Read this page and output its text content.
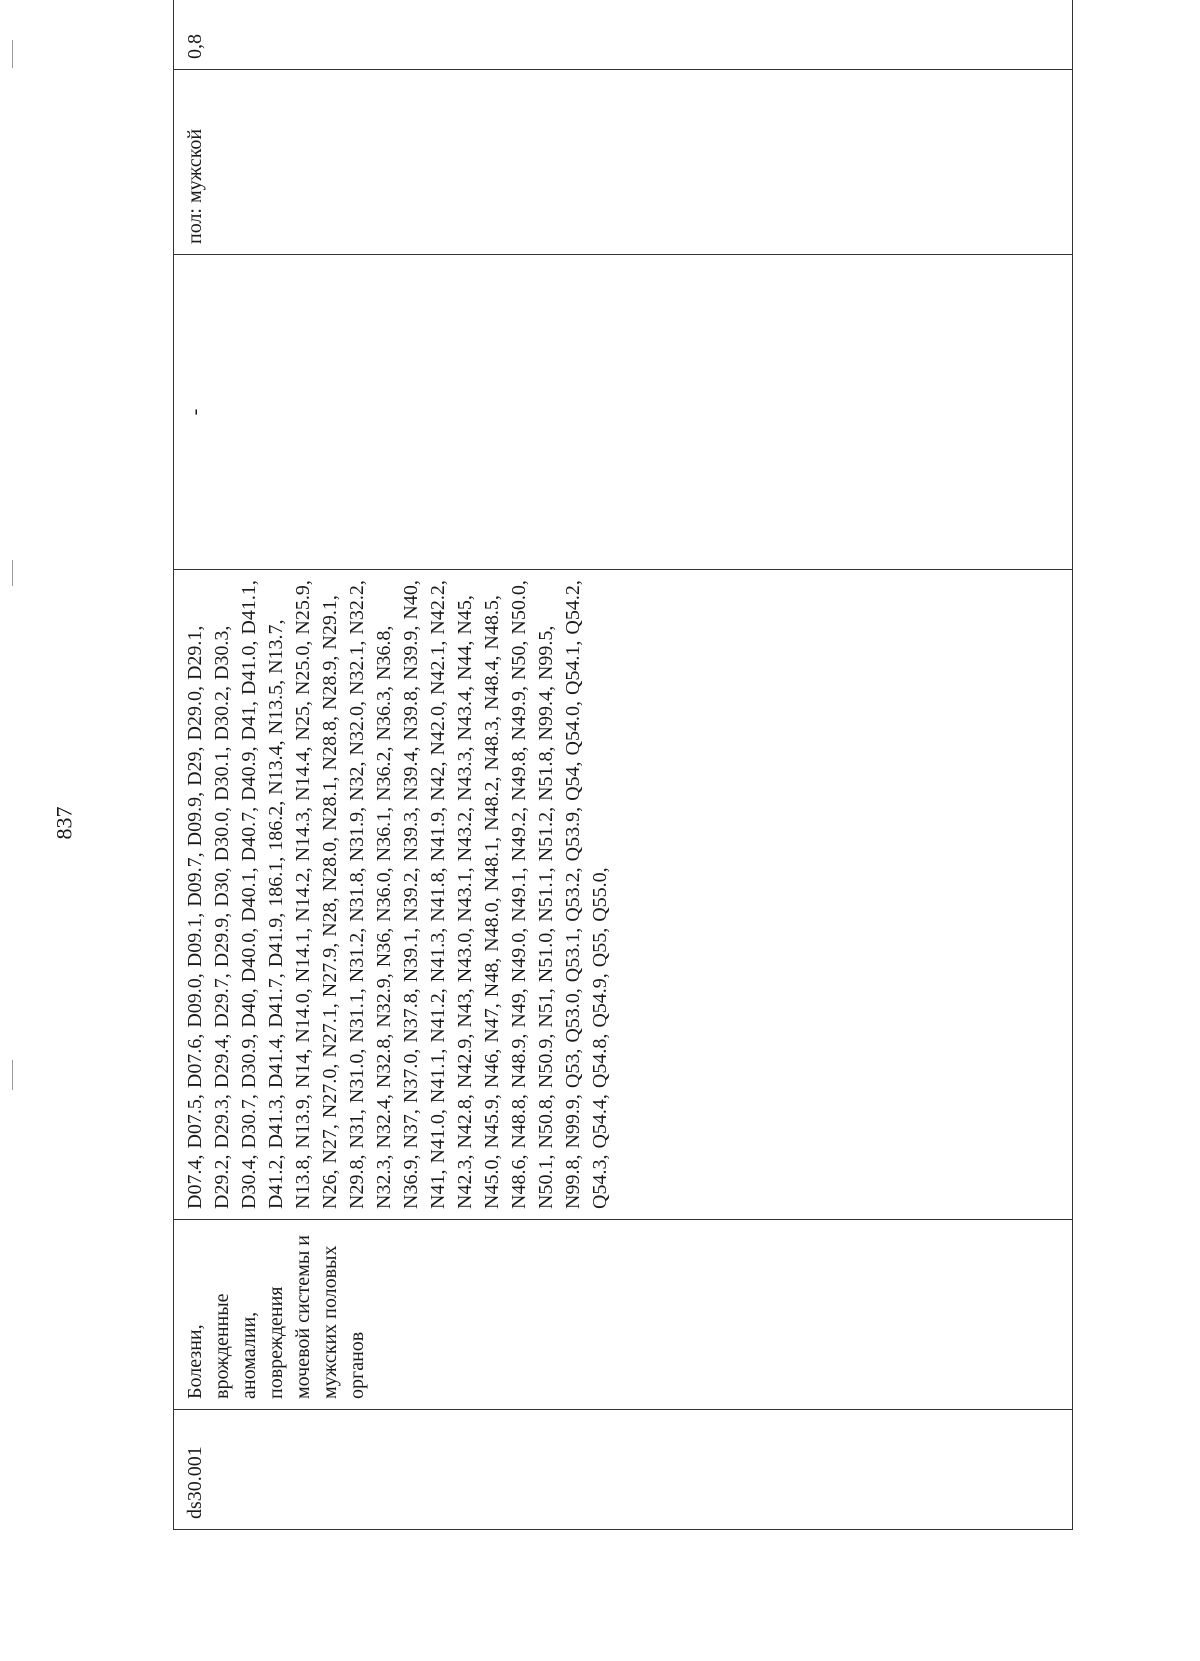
837
ds30.001	Болезни, врожденные аномалии, повреждения мочевой системы и мужских половых органов	D07.4, D07.5, D07.6, D09.0, D09.1, D09.7, D09.9, D29, D29.0, D29.1, D29.2, D29.3, D29.4, D29.7, D29.9, D30, D30.0, D30.1, D30.2, D30.3, D30.4, D30.7, D30.9, D40, D40.0, D40.1, D40.7, D40.9, D41, D41.0, D41.1, D41.2, D41.3, D41.4, D41.7, D41.9, 186.1, 186.2, N13.4, N13.5, N13.7, N13.8, N13.9, N14, N14.0, N14.1, N14.2, N14.3, N14.4, N25, N25.0, N25.9, N26, N27, N27.0, N27.1, N27.9, N28, N28.0, N28.1, N28.8, N28.9, N29.1, N29.8, N31, N31.0, N31.1, N31.2, N31.8, N31.9, N32, N32.0, N32.1, N32.2, N32.3, N32.4, N32.8, N32.9, N36, N36.0, N36.1, N36.2, N36.3, N36.8, N36.9, N37, N37.0, N37.8, N39.1, N39.2, N39.3, N39.4, N39.8, N39.9, N40, N41, N41.0, N41.1, N41.2, N41.3, N41.8, N41.9, N42, N42.0, N42.1, N42.2, N42.3, N42.8, N42.9, N43, N43.0, N43.1, N43.2, N43.3, N43.4, N44, N45, N45.0, N45.9, N46, N47, N48, N48.0, N48.1, N48.2, N48.3, N48.4, N48.5, N48.6, N48.8, N48.9, N49, N49.0, N49.1, N49.2, N49.8, N49.9, N50, N50.0, N50.1, N50.8, N50.9, N51, N51.0, N51.1, N51.2, N51.8, N99.4, N99.5, N99.8, N99.9, Q53, Q53.0, Q53.1, Q53.2, Q53.9, Q54, Q54.0, Q54.1, Q54.2, Q54.3, Q54.4, Q54.8, Q54.9, Q55, Q55.0,	-	пол: мужской	0,8
